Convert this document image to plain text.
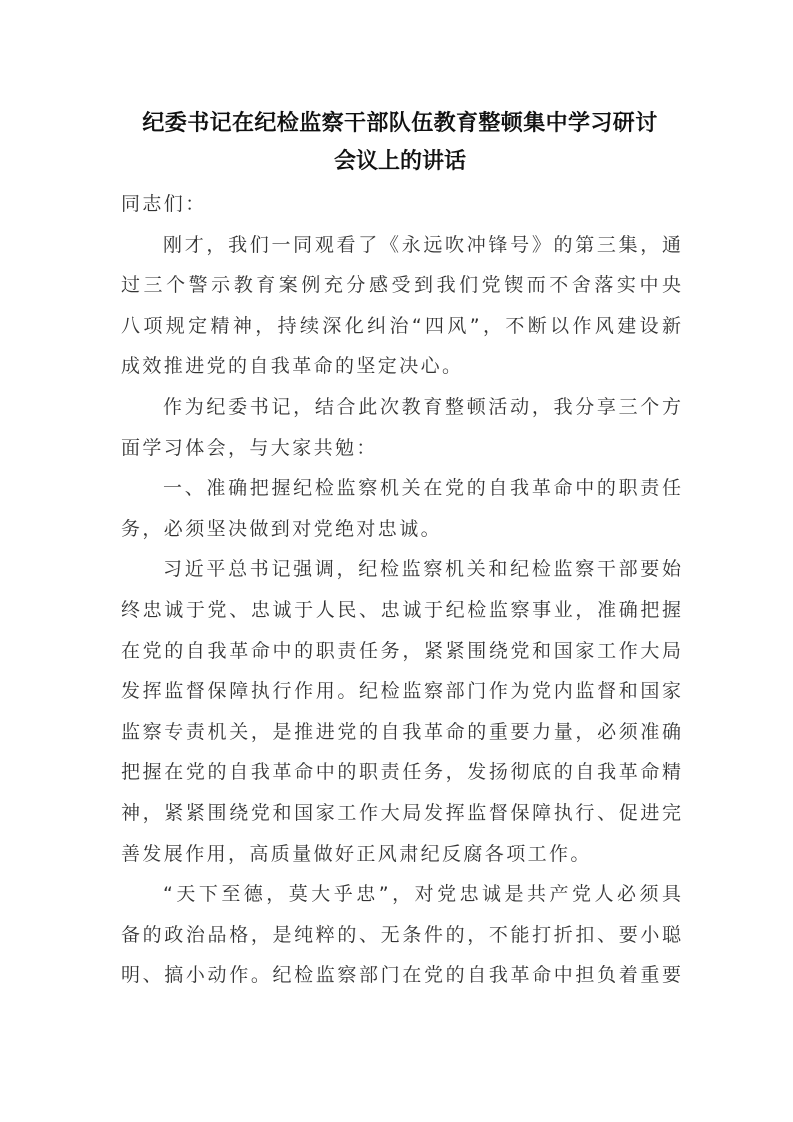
纪委书记在纪检监察干部队伍教育整顿集中学习研讨
会议上的讲话
同志们：
刚才，我们一同观看了《永远吹冲锋号》的第三集，通
过三个警示教育案例充分感受到我们党锲而不舍落实中央
八项规定精神，持续深化纠治“四风”，不断以作风建设新
成效推进党的自我革命的坚定决心。
作为纪委书记，结合此次教育整顿活动，我分享三个方
面学习体会，与大家共勉：
一、准确把握纪检监察机关在党的自我革命中的职责任
务，必须坚决做到对党绝对忠诚。
习近平总书记强调，纪检监察机关和纪检监察干部要始
终忠诚于党、忠诚于人民、忠诚于纪检监察事业，准确把握
在党的自我革命中的职责任务，紧紧围绕党和国家工作大局
发挥监督保障执行作用。纪检监察部门作为党内监督和国家
监察专责机关，是推进党的自我革命的重要力量，必须准确
把握在党的自我革命中的职责任务，发扬彻底的自我革命精
神，紧紧围绕党和国家工作大局发挥监督保障执行、促进完
善发展作用，高质量做好正风肃纪反腐各项工作。
“天下至德，莫大乎忠”，对党忠诚是共产党人必须具
备的政治品格，是纯粹的、无条件的，不能打折扣、要小聪
明、搞小动作。纪检监察部门在党的自我革命中担负着重要
